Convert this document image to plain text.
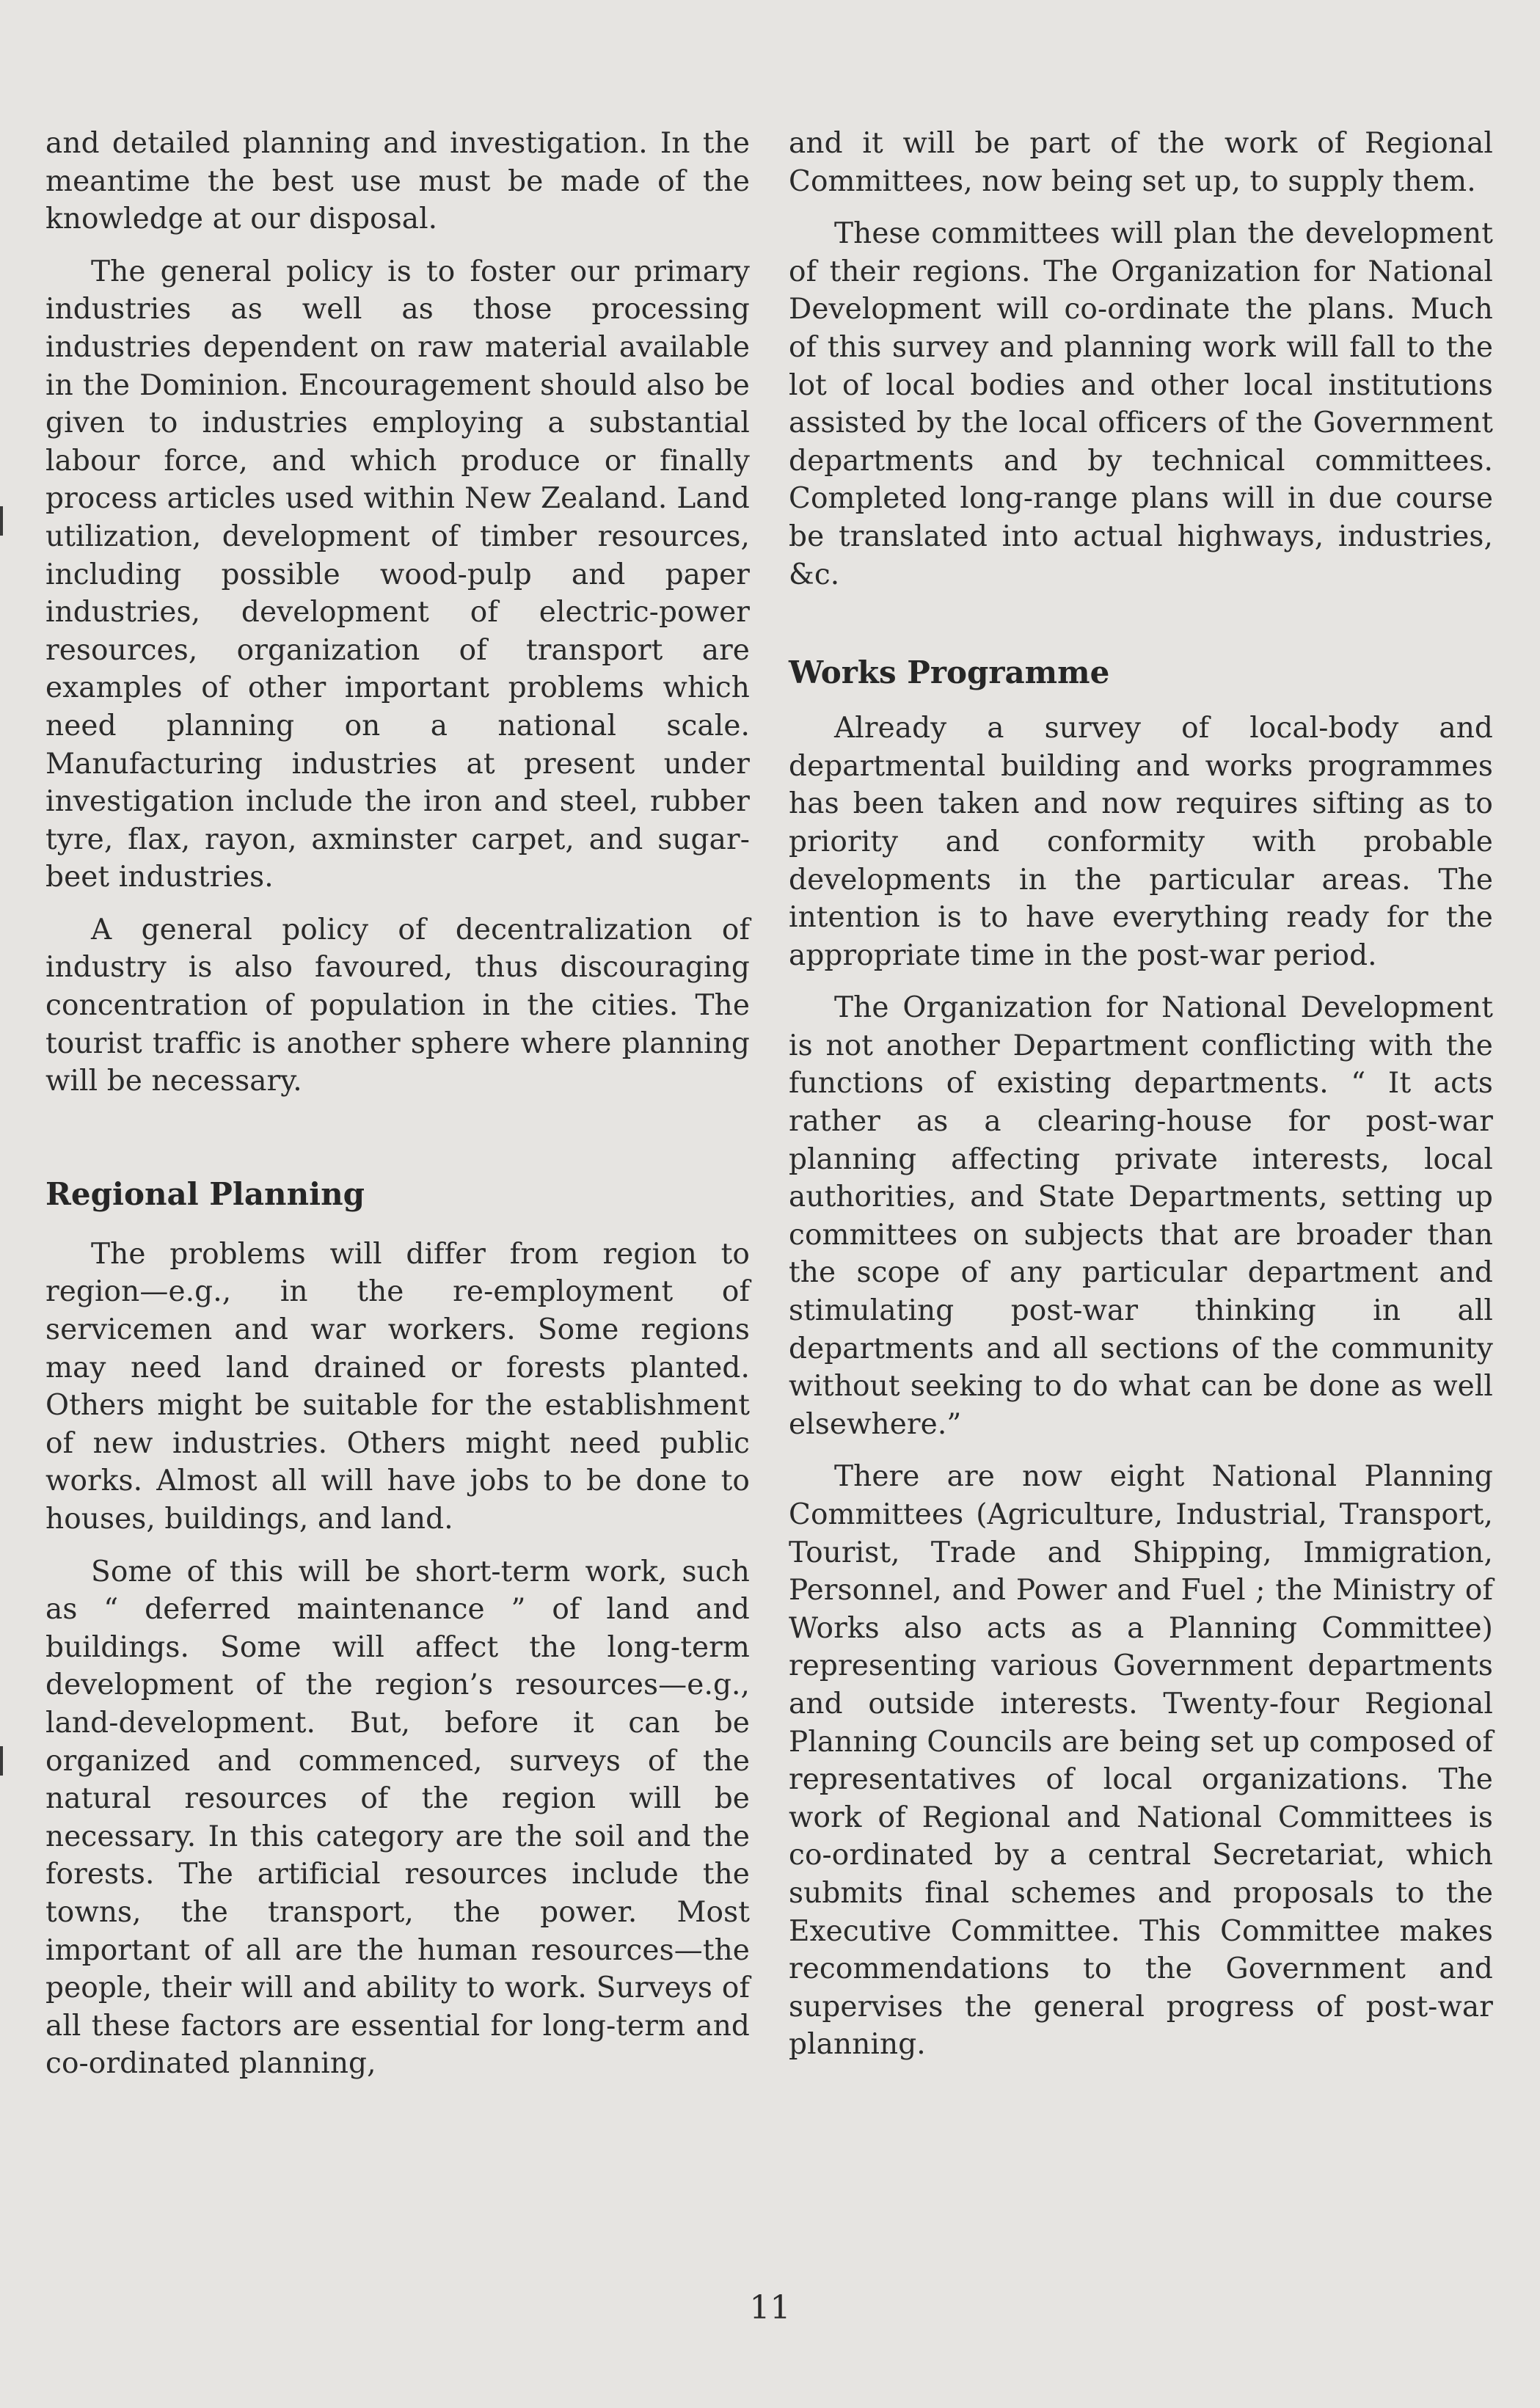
and detailed planning and investigation. In the meantime the best use must be made of the knowledge at our disposal.

The general policy is to foster our primary industries as well as those processing industries dependent on raw material available in the Dominion. Encouragement should also be given to industries employing a substantial labour force, and which produce or finally process articles used within New Zealand. Land utilization, development of timber resources, including possible wood-pulp and paper industries, development of electric-power resources, organization of transport are examples of other important problems which need planning on a national scale. Manufacturing industries at present under investigation include the iron and steel, rubber tyre, flax, rayon, axminster carpet, and sugar-beet industries.

A general policy of decentralization of industry is also favoured, thus discouraging concentration of population in the cities. The tourist traffic is another sphere where planning will be necessary.

Regional Planning

The problems will differ from region to region—e.g., in the re-employment of servicemen and war workers. Some regions may need land drained or forests planted. Others might be suitable for the establishment of new industries. Others might need public works. Almost all will have jobs to be done to houses, buildings, and land.

Some of this will be short-term work, such as “ deferred maintenance ” of land and buildings. Some will affect the long-term development of the region’s resources—e.g., land-development. But, before it can be organized and commenced, surveys of the natural resources of the region will be necessary. In this category are the soil and the forests. The artificial resources include the towns, the transport, the power. Most important of all are the human resources—the people, their will and ability to work. Surveys of all these factors are essential for long-term and co-ordinated planning,

and it will be part of the work of Regional Committees, now being set up, to supply them.

These committees will plan the development of their regions. The Organization for National Development will co-ordinate the plans. Much of this survey and planning work will fall to the lot of local bodies and other local institutions assisted by the local officers of the Government departments and by technical committees. Completed long-range plans will in due course be translated into actual highways, industries, &c.

Works Programme

Already a survey of local-body and departmental building and works programmes has been taken and now requires sifting as to priority and conformity with probable developments in the particular areas. The intention is to have everything ready for the appropriate time in the post-war period.

The Organization for National Development is not another Department conflicting with the functions of existing departments. “ It acts rather as a clearing-house for post-war planning affecting private interests, local authorities, and State Departments, setting up committees on subjects that are broader than the scope of any particular department and stimulating post-war thinking in all departments and all sections of the community without seeking to do what can be done as well elsewhere.”

There are now eight National Planning Committees (Agriculture, Industrial, Transport, Tourist, Trade and Shipping, Immigration, Personnel, and Power and Fuel ; the Ministry of Works also acts as a Planning Committee) representing various Government departments and outside interests. Twenty-four Regional Planning Councils are being set up composed of representatives of local organizations. The work of Regional and National Committees is co-ordinated by a central Secretariat, which submits final schemes and proposals to the Executive Committee. This Committee makes recommendations to the Government and supervises the general progress of post-war planning.

11
